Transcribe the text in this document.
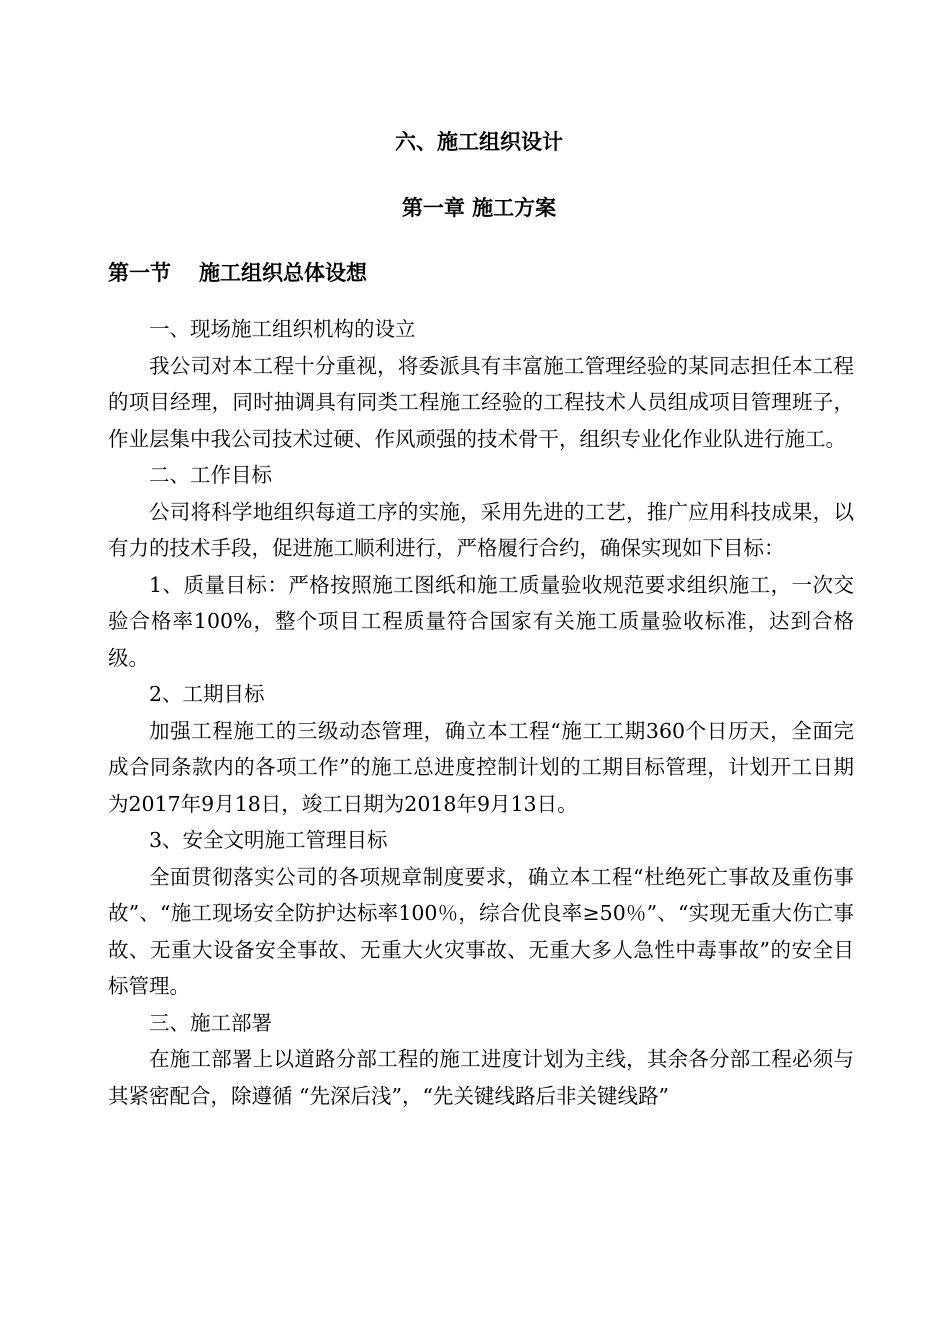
六、施工组织设计
第一章 施工方案
第一节 施工组织总体设想

一、现场施工组织机构的设立

我公司对本工程十分重视，将委派具有丰富施工管理经验的某同志担任本工程的项目经理，同时抽调具有同类工程施工经验的工程技术人员组成项目管理班子，作业层集中我公司技术过硬、作风顽强的技术骨干，组织专业化作业队进行施工。

二、工作目标

公司将科学地组织每道工序的实施，采用先进的工艺，推广应用科技成果，以有力的技术手段，促进施工顺利进行，严格履行合约，确保实现如下目标：

1、质量目标：严格按照施工图纸和施工质量验收规范要求组织施工，一次交验合格率100%，整个项目工程质量符合国家有关施工质量验收标准，达到合格级。

2、工期目标

加强工程施工的三级动态管理，确立本工程“施工工期360个日历天，全面完成合同条款内的各项工作”的施工总进度控制计划的工期目标管理，计划开工日期为2017年9月18日，竣工日期为2018年9月13日。

3、安全文明施工管理目标

全面贯彻落实公司的各项规章制度要求，确立本工程“杜绝死亡事故及重伤事故”、“施工现场安全防护达标率100％，综合优良率≥50％”、“实现无重大伤亡事故、无重大设备安全事故、无重大火灾事故、无重大多人急性中毒事故”的安全目标管理。

三、施工部署

在施工部署上以道路分部工程的施工进度计划为主线，其余各分部工程必须与其紧密配合，除遵循 “先深后浅”，“先关键线路后非关键线路”
